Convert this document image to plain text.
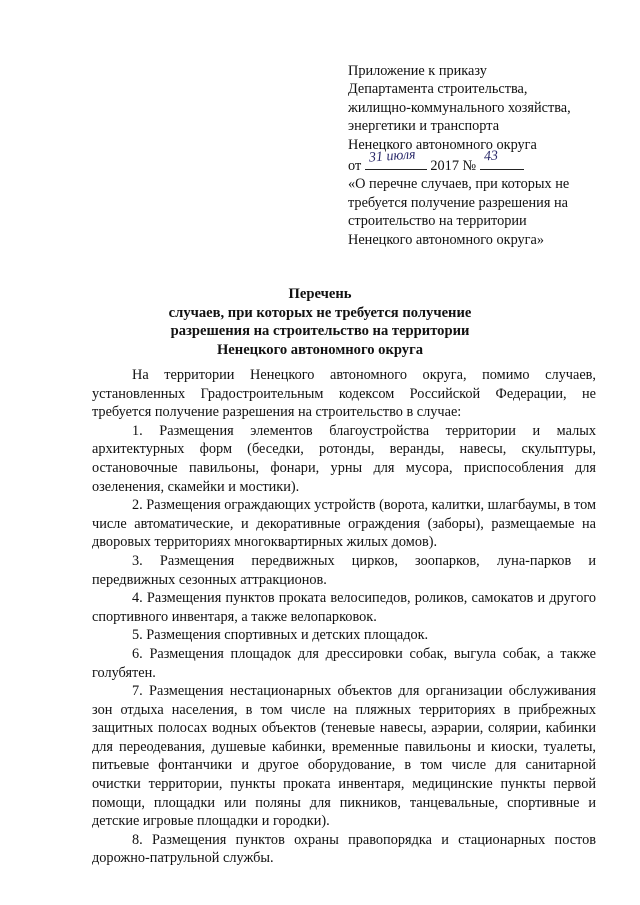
Приложение к приказу
Департамента строительства,
жилищно-коммунального хозяйства,
энергетики и транспорта
Ненецкого автономного округа
от
31 июля
2017 №
43
«О перечне случаев, при которых не
требуется получение разрешения на
строительство на территории
Ненецкого автономного округа»
Перечень
случаев, при которых не требуется получение
разрешения на строительство на территории
Ненецкого автономного округа

На территории Ненецкого автономного округа, помимо случаев, установленных Градостроительным кодексом Российской Федерации, не требуется получение разрешения на строительство в случае:

1. Размещения элементов благоустройства территории и малых архитектурных форм (беседки, ротонды, веранды, навесы, скульптуры, остановочные павильоны, фонари, урны для мусора, приспособления для озеленения, скамейки и мостики).

2. Размещения ограждающих устройств (ворота, калитки, шлагбаумы, в том числе автоматические, и декоративные ограждения (заборы), размещаемые на дворовых территориях многоквартирных жилых домов).

3. Размещения передвижных цирков, зоопарков, луна-парков и передвижных сезонных аттракционов.

4. Размещения пунктов проката велосипедов, роликов, самокатов и другого спортивного инвентаря, а также велопарковок.

5. Размещения спортивных и детских площадок.

6. Размещения площадок для дрессировки собак, выгула собак, а также голубятен.

7. Размещения нестационарных объектов для организации обслуживания зон отдыха населения, в том числе на пляжных территориях в прибрежных защитных полосах водных объектов (теневые навесы, аэрарии, солярии, кабинки для переодевания, душевые кабинки, временные павильоны и киоски, туалеты, питьевые фонтанчики и другое оборудование, в том числе для санитарной очистки территории, пункты проката инвентаря, медицинские пункты первой помощи, площадки или поляны для пикников, танцевальные, спортивные и детские игровые площадки и городки).

8. Размещения пунктов охраны правопорядка и стационарных постов дорожно-патрульной службы.
